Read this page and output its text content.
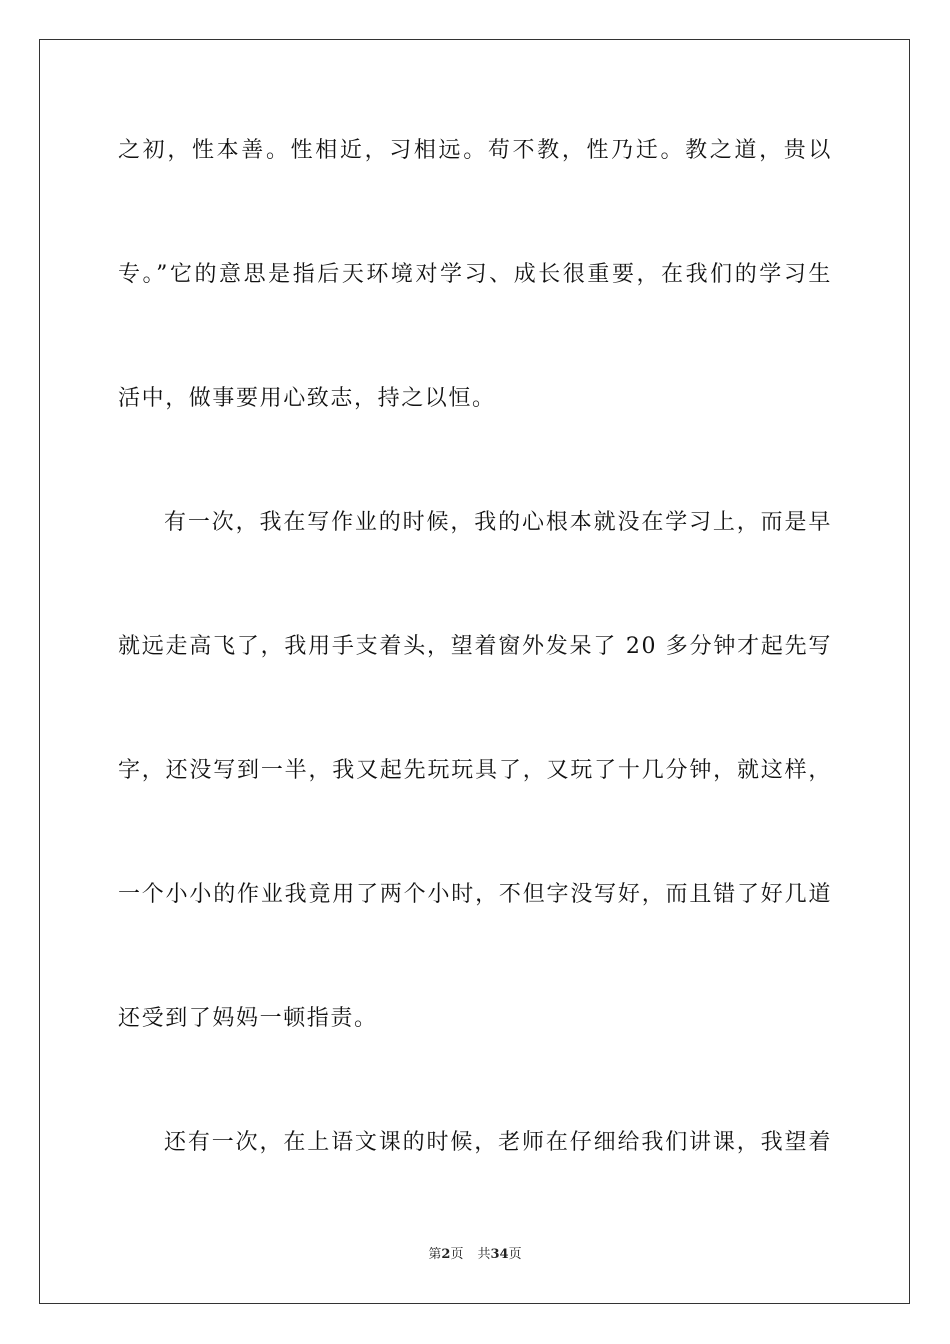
之初，性本善。性相近，习相远。苟不教，性乃迁。教之道，贵以
专。”它的意思是指后天环境对学习、成长很重要，在我们的学习生
活中，做事要用心致志，持之以恒。
有一次，我在写作业的时候，我的心根本就没在学习上，而是早
就远走高飞了，我用手支着头，望着窗外发呆了 20 多分钟才起先写
字，还没写到一半，我又起先玩玩具了，又玩了十几分钟，就这样，
一个小小的作业我竟用了两个小时，不但字没写好，而且错了好几道
还受到了妈妈一顿指责。
还有一次，在上语文课的时候，老师在仔细给我们讲课，我望着
第2页 共34页
